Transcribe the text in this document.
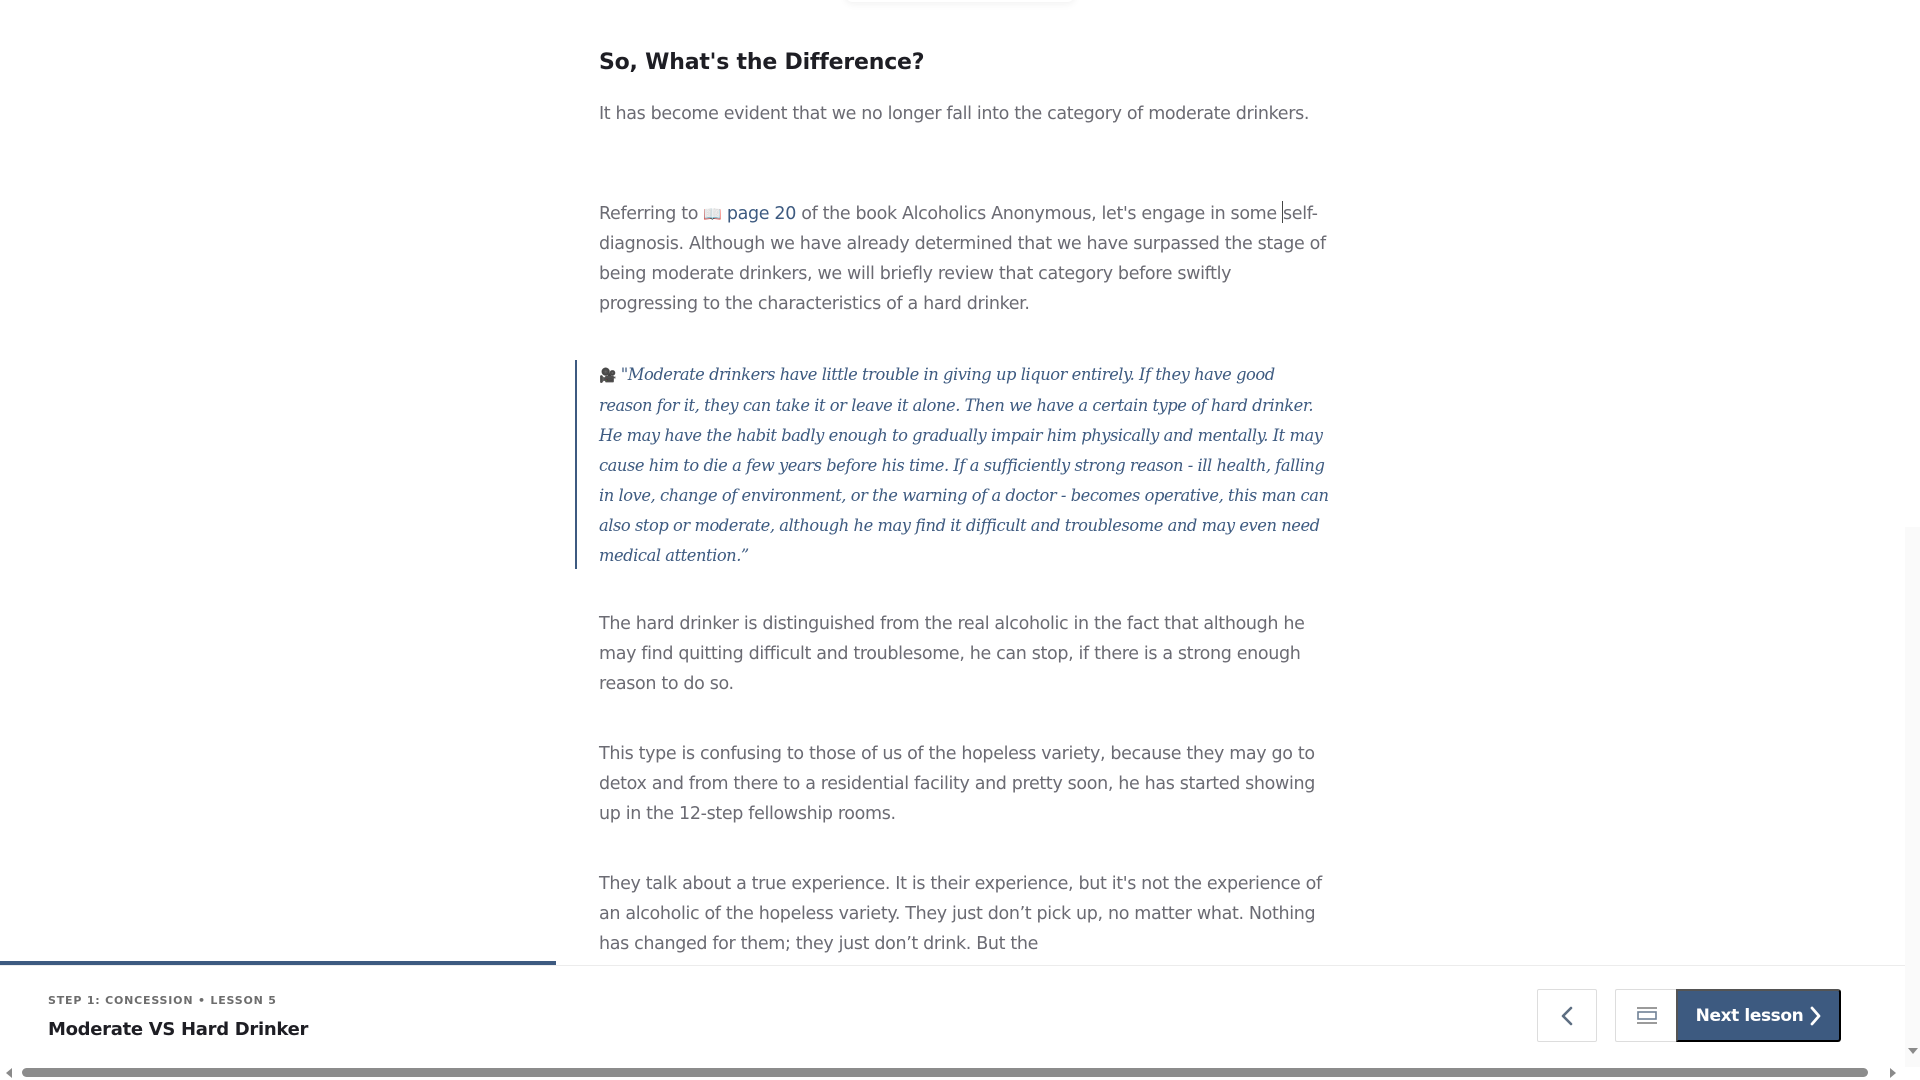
So, What's the Difference?

It has become evident that we no longer fall into the category of moderate drinkers.

Referring to 📖 page 20 of the book Alcoholics Anonymous, let's engage in some self-diagnosis. Although we have already determined that we have surpassed the stage of being moderate drinkers, we will briefly review that category before swiftly progressing to the characteristics of a hard drinker.

🎥 "Moderate drinkers have little trouble in giving up liquor entirely. If they have good reason for it, they can take it or leave it alone. Then we have a certain type of hard drinker. He may have the habit badly enough to gradually impair him physically and mentally. It may cause him to die a few years before his time. If a sufficiently strong reason - ill health, falling in love, change of environment, or the warning of a doctor - becomes operative, this man can also stop or moderate, although he may find it difficult and troublesome and may even need medical attention.”

The hard drinker is distinguished from the real alcoholic in the fact that although he may find quitting difficult and troublesome, he can stop, if there is a strong enough reason to do so.

This type is confusing to those of us of the hopeless variety, because they may go to detox and from there to a residential facility and pretty soon, he has started showing up in the 12-step fellowship rooms.

They talk about a true experience. It is their experience, but it's not the experience of an alcoholic of the hopeless variety. They just don’t pick up, no matter what. Nothing has changed for them; they just don’t drink. But the

STEP 1: CONCESSION • LESSON 5
Moderate VS Hard Drinker
Next lesson
